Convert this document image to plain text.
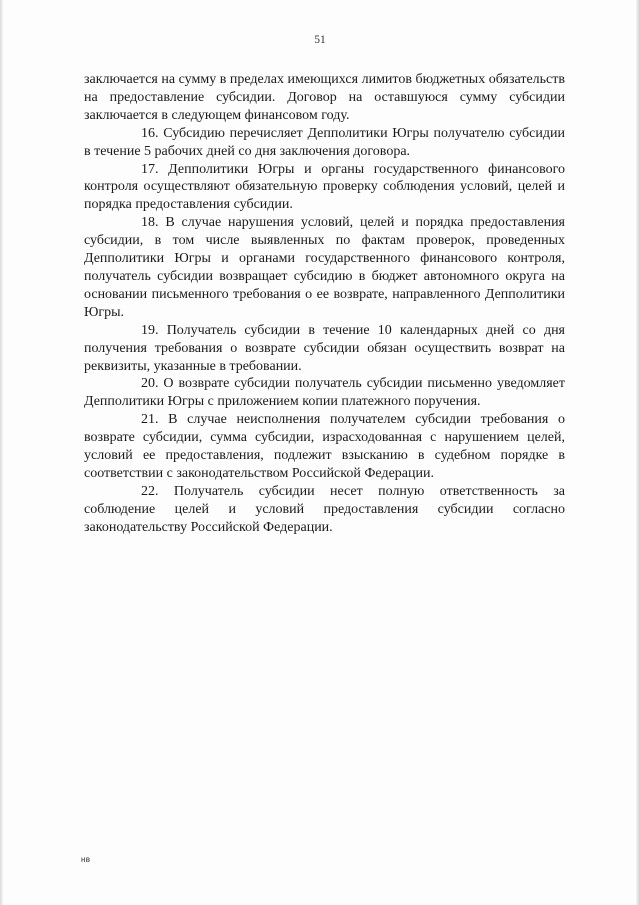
51

заключается на сумму в пределах имеющихся лимитов бюджетных обязательств на предоставление субсидии. Договор на оставшуюся сумму субсидии заключается в следующем финансовом году.

16. Субсидию перечисляет Депполитики Югры получателю субсидии в течение 5 рабочих дней со дня заключения договора.

17. Депполитики Югры и органы государственного финансового контроля осуществляют обязательную проверку соблюдения условий, целей и порядка предоставления субсидии.

18. В случае нарушения условий, целей и порядка предоставления субсидии, в том числе выявленных по фактам проверок, проведенных Депполитики Югры и органами государственного финансового контроля, получатель субсидии возвращает субсидию в бюджет автономного округа на основании письменного требования о ее возврате, направленного Депполитики Югры.

19. Получатель субсидии в течение 10 календарных дней со дня получения требования о возврате субсидии обязан осуществить возврат на реквизиты, указанные в требовании.

20. О возврате субсидии получатель субсидии письменно уведомляет Депполитики Югры с приложением копии платежного поручения.

21. В случае неисполнения получателем субсидии требования о возврате субсидии, сумма субсидии, израсходованная с нарушением целей, условий ее предоставления, подлежит взысканию в судебном порядке в соответствии с законодательством Российской Федерации.

22. Получатель субсидии несет полную ответственность за соблюдение целей и условий предоставления субсидии согласно законодательству Российской Федерации.

нв
